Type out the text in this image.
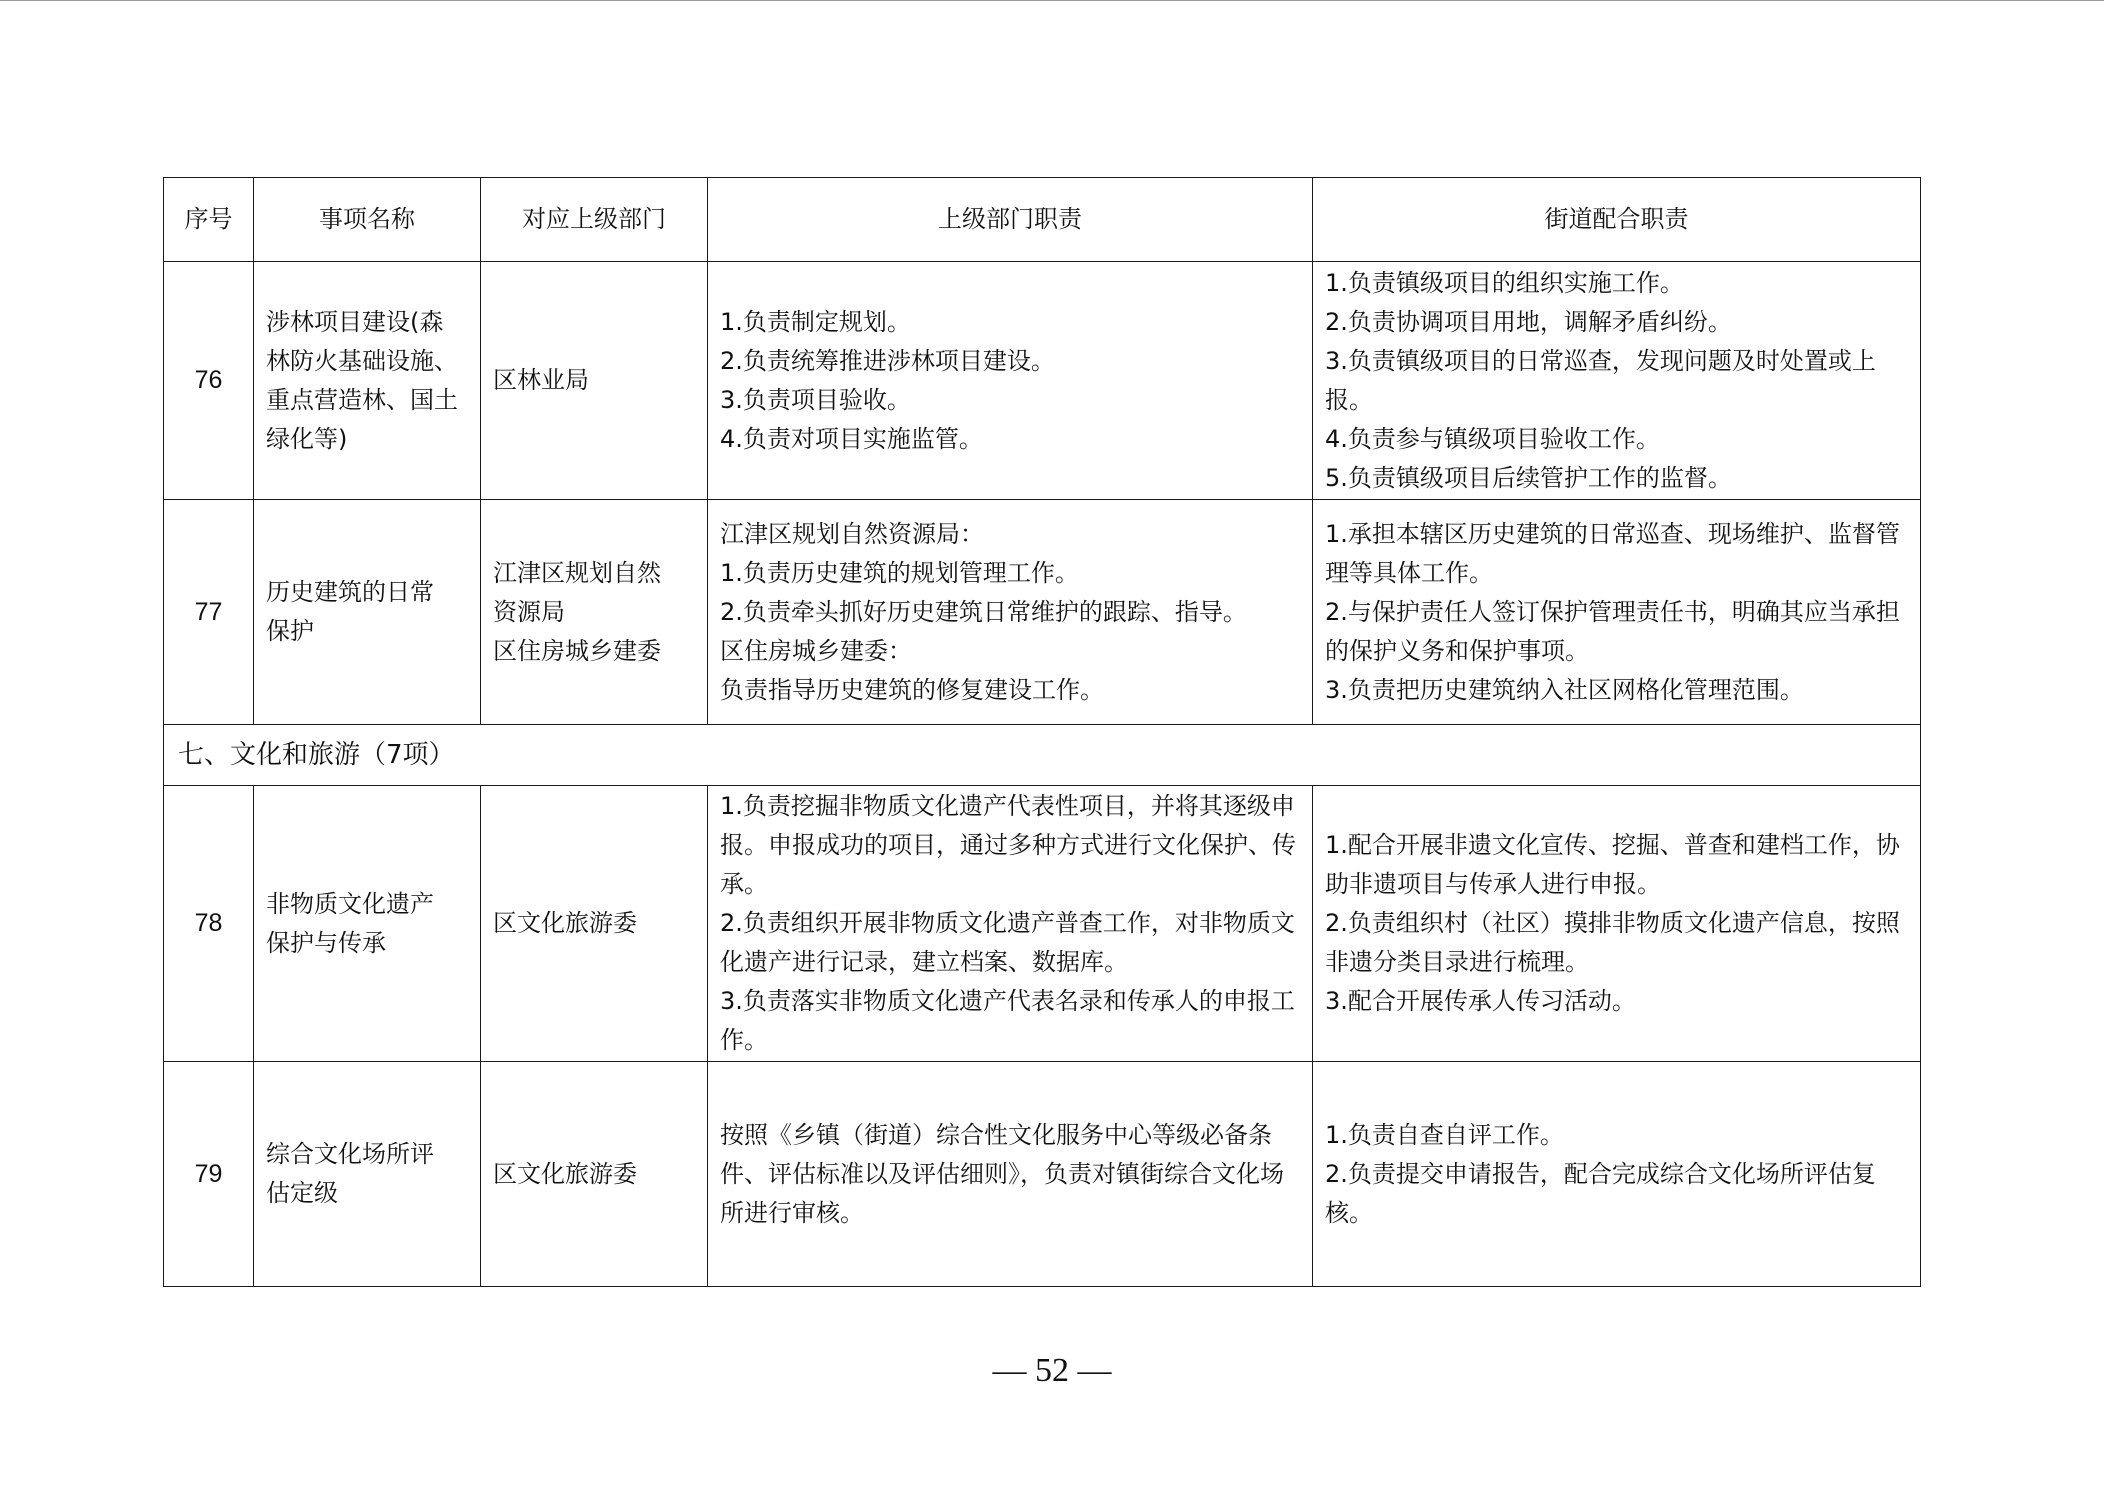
序号	事项名称	对应上级部门	上级部门职责	街道配合职责
76	涉林项目建设(森
林防火基础设施、
重点营造林、国土
绿化等)	区林业局	1.负责制定规划。
2.负责统筹推进涉林项目建设。
3.负责项目验收。
4.负责对项目实施监管。	1.负责镇级项目的组织实施工作。
2.负责协调项目用地，调解矛盾纠纷。
3.负责镇级项目的日常巡查，发现问题及时处置或上报。
4.负责参与镇级项目验收工作。
5.负责镇级项目后续管护工作的监督。

77	历史建筑的日常
保护	江津区规划自然
资源局
区住房城乡建委	江津区规划自然资源局：
1.负责历史建筑的规划管理工作。
2.负责牵头抓好历史建筑日常维护的跟踪、指导。
区住房城乡建委：
负责指导历史建筑的修复建设工作。	1.承担本辖区历史建筑的日常巡查、现场维护、监督管理等具体工作。
2.与保护责任人签订保护管理责任书，明确其应当承担的保护义务和保护事项。
3.负责把历史建筑纳入社区网格化管理范围。

七、文化和旅游（7项）				
78	非物质文化遗产
保护与传承	区文化旅游委	1.负责挖掘非物质文化遗产代表性项目，并将其逐级申报。申报成功的项目，通过多种方式进行文化保护、传承。
2.负责组织开展非物质文化遗产普查工作，对非物质文化遗产进行记录，建立档案、数据库。
3.负责落实非物质文化遗产代表名录和传承人的申报工作。	1.配合开展非遗文化宣传、挖掘、普查和建档工作，协助非遗项目与传承人进行申报。
2.负责组织村（社区）摸排非物质文化遗产信息，按照非遗分类目录进行梳理。
3.配合开展传承人传习活动。

79	综合文化场所评
估定级	区文化旅游委	按照《乡镇（街道）综合性文化服务中心等级必备条件、评估标准以及评估细则》，负责对镇街综合文化场所进行审核。	1.负责自查自评工作。
2.负责提交申请报告，配合完成综合文化场所评估复核。
— 52 —
